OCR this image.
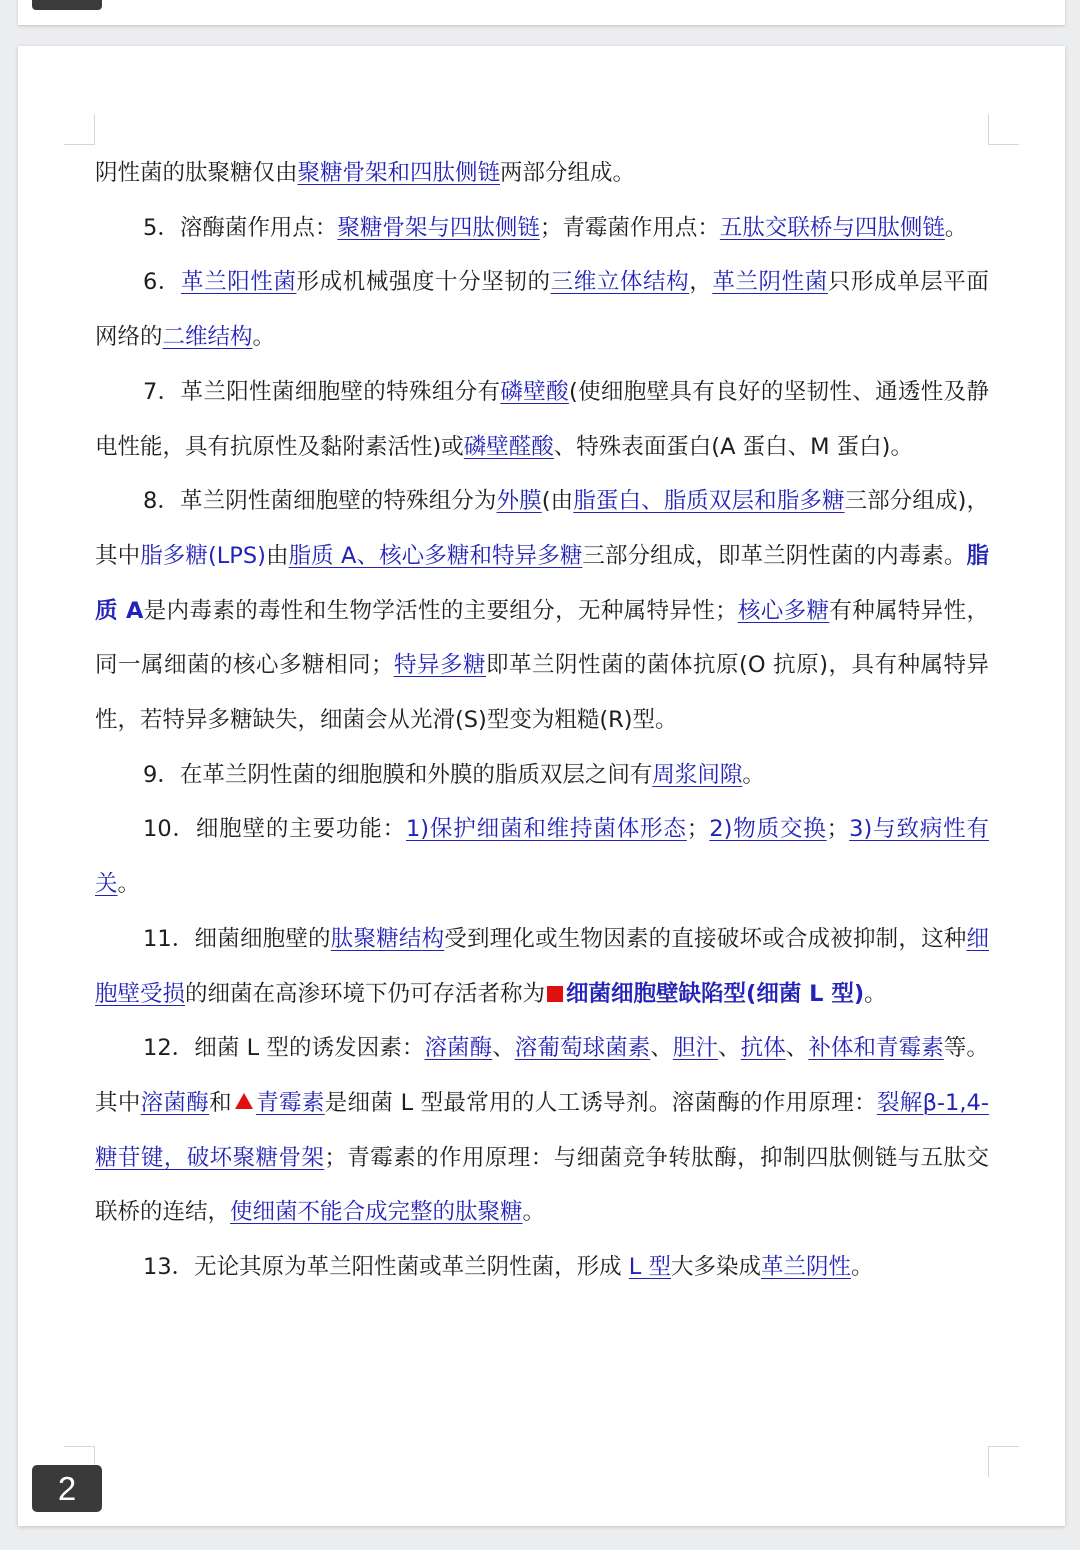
阴性菌的肽聚糖仅由聚糖骨架和四肽侧链两部分组成。

5．溶酶菌作用点：聚糖骨架与四肽侧链；青霉菌作用点：五肽交联桥与四肽侧链。

6．革兰阳性菌形成机械强度十分坚韧的三维立体结构，革兰阴性菌只形成单层平面网络的二维结构。

7．革兰阳性菌细胞壁的特殊组分有磷壁酸(使细胞壁具有良好的坚韧性、通透性及静电性能，具有抗原性及黏附素活性)或磷壁醛酸、特殊表面蛋白(A 蛋白、M 蛋白)。

8．革兰阴性菌细胞壁的特殊组分为外膜(由脂蛋白、脂质双层和脂多糖三部分组成)，其中脂多糖(LPS)由脂质 A、核心多糖和特异多糖三部分组成，即革兰阴性菌的内毒素。脂质 A是内毒素的毒性和生物学活性的主要组分，无种属特异性；核心多糖有种属特异性，同一属细菌的核心多糖相同；特异多糖即革兰阴性菌的菌体抗原(O 抗原)，具有种属特异性，若特异多糖缺失，细菌会从光滑(S)型变为粗糙(R)型。

9．在革兰阴性菌的细胞膜和外膜的脂质双层之间有周浆间隙。

10．细胞壁的主要功能：1)保护细菌和维持菌体形态；2)物质交换；3)与致病性有关。

11．细菌细胞壁的肽聚糖结构受到理化或生物因素的直接破坏或合成被抑制，这种细胞壁受损的细菌在高渗环境下仍可存活者称为 细菌细胞壁缺陷型(细菌 L 型)。

12．细菌 L 型的诱发因素：溶菌酶、溶葡萄球菌素、胆汁、抗体、补体和青霉素等。其中溶菌酶和 青霉素是细菌 L 型最常用的人工诱导剂。溶菌酶的作用原理：裂解β-1,4-糖苷键，破坏聚糖骨架；青霉素的作用原理：与细菌竞争转肽酶，抑制四肽侧链与五肽交联桥的连结，使细菌不能合成完整的肽聚糖。

13．无论其原为革兰阳性菌或革兰阴性菌，形成 L 型大多染成革兰阴性。

2
